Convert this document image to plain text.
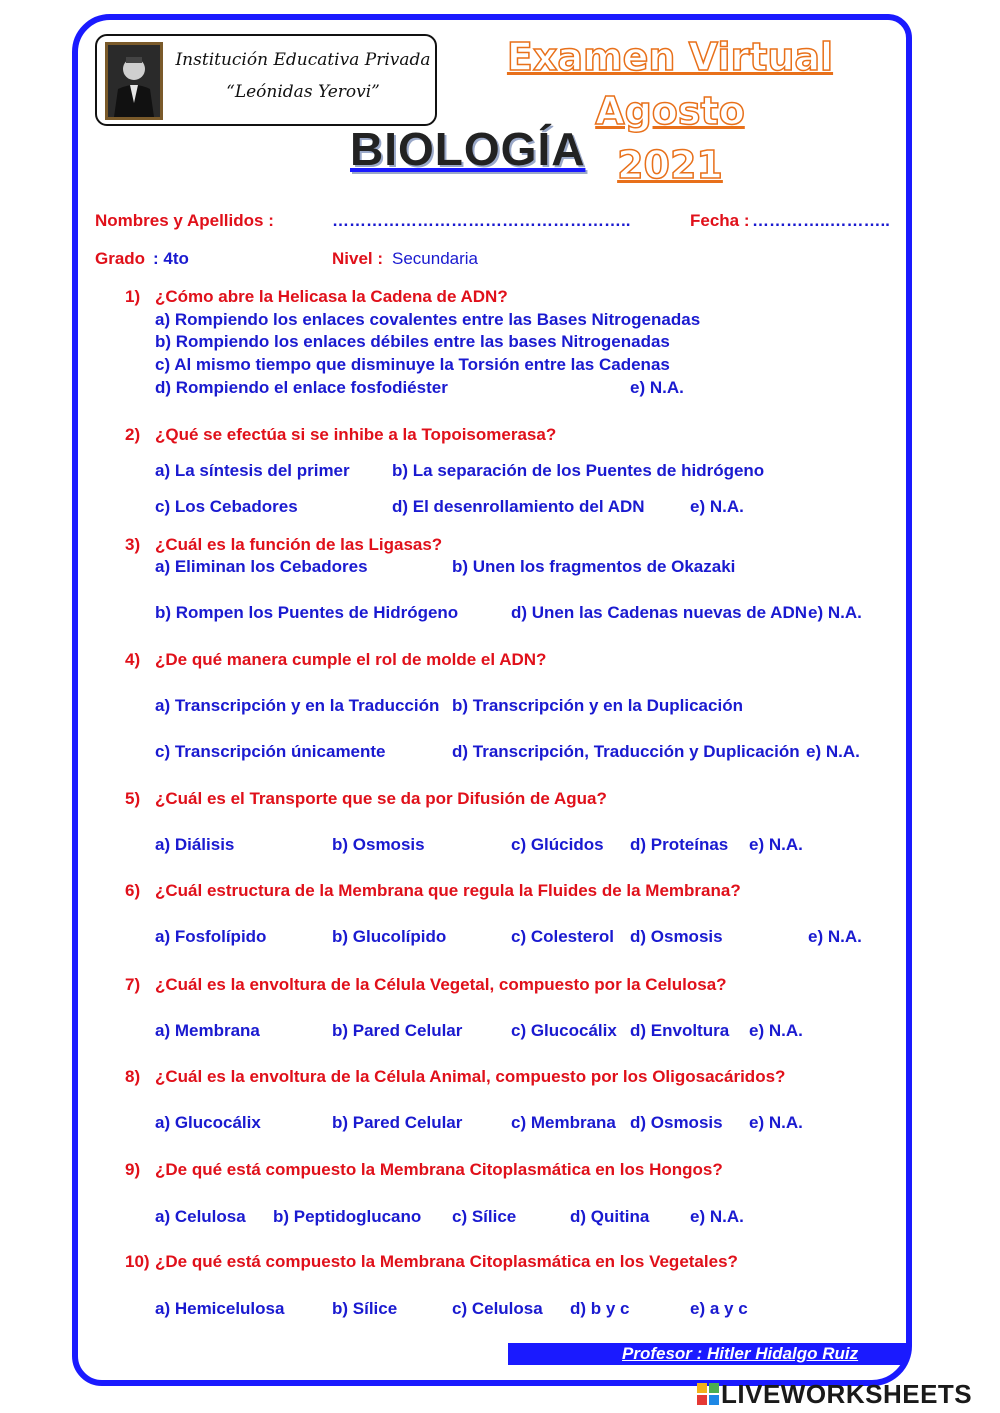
Institución Educativa Privada
“Leónidas Yerovi”
Examen Virtual Agosto
2021
BIOLOGÍA
Nombres y Apellidos :	……………………………………………..	Fecha : …………..………..
Grado : 4to	Nivel : Secundaria
1) ¿Cómo abre la Helicasa la Cadena de ADN?
a) Rompiendo los enlaces covalentes entre las Bases Nitrogenadas
b) Rompiendo los enlaces débiles entre las bases Nitrogenadas
c) Al mismo tiempo que disminuye la Torsión entre las Cadenas
d) Rompiendo el enlace fosfodiéster	e) N.A.
2) ¿Qué se efectúa si se inhibe a la Topoisomerasa?
a) La síntesis del primer b) La separación de los Puentes de hidrógeno
c) Los Cebadores	d) El desenrollamiento del ADN	e) N.A.
3) ¿Cuál es la función de las Ligasas?
a) Eliminan los Cebadores	b) Unen los fragmentos de Okazaki
b) Rompen los Puentes de Hidrógeno	d) Unen las Cadenas nuevas de ADN e) N.A.
4) ¿De qué manera cumple el rol de molde el ADN?
a) Transcripción y en la Traducción b) Transcripción y en la Duplicación
c) Transcripción únicamente	d) Transcripción, Traducción y Duplicación e) N.A.
5) ¿Cuál es el Transporte que se da por Difusión de Agua?
a) Diálisis	b) Osmosis	c) Glúcidos d) Proteínas e) N.A.
6) ¿Cuál estructura de la Membrana que regula la Fluides de la Membrana?
a) Fosfolípido	b) Glucolípido	c) Colesterol d) Osmosis	e) N.A.
7) ¿Cuál es la envoltura de la Célula Vegetal, compuesto por la Celulosa?
a) Membrana	b) Pared Celular	c) Glucocálix d) Envoltura e) N.A.
8) ¿Cuál es la envoltura de la Célula Animal, compuesto por los Oligosacáridos?
a) Glucocálix	b) Pared Celular	c) Membrana d) Osmosis e) N.A.
9) ¿De qué está compuesto la Membrana Citoplasmática en los Hongos?
a) Celulosa b) Peptidoglucano c) Sílice	d) Quitina e) N.A.
10) ¿De qué está compuesto la Membrana Citoplasmática en los Vegetales?
a) Hemicelulosa	b) Sílice	c) Celulosa d) b y c	e) a y c
Profesor : Hitler Hidalgo Ruiz
LIVEWORKSHEETS
